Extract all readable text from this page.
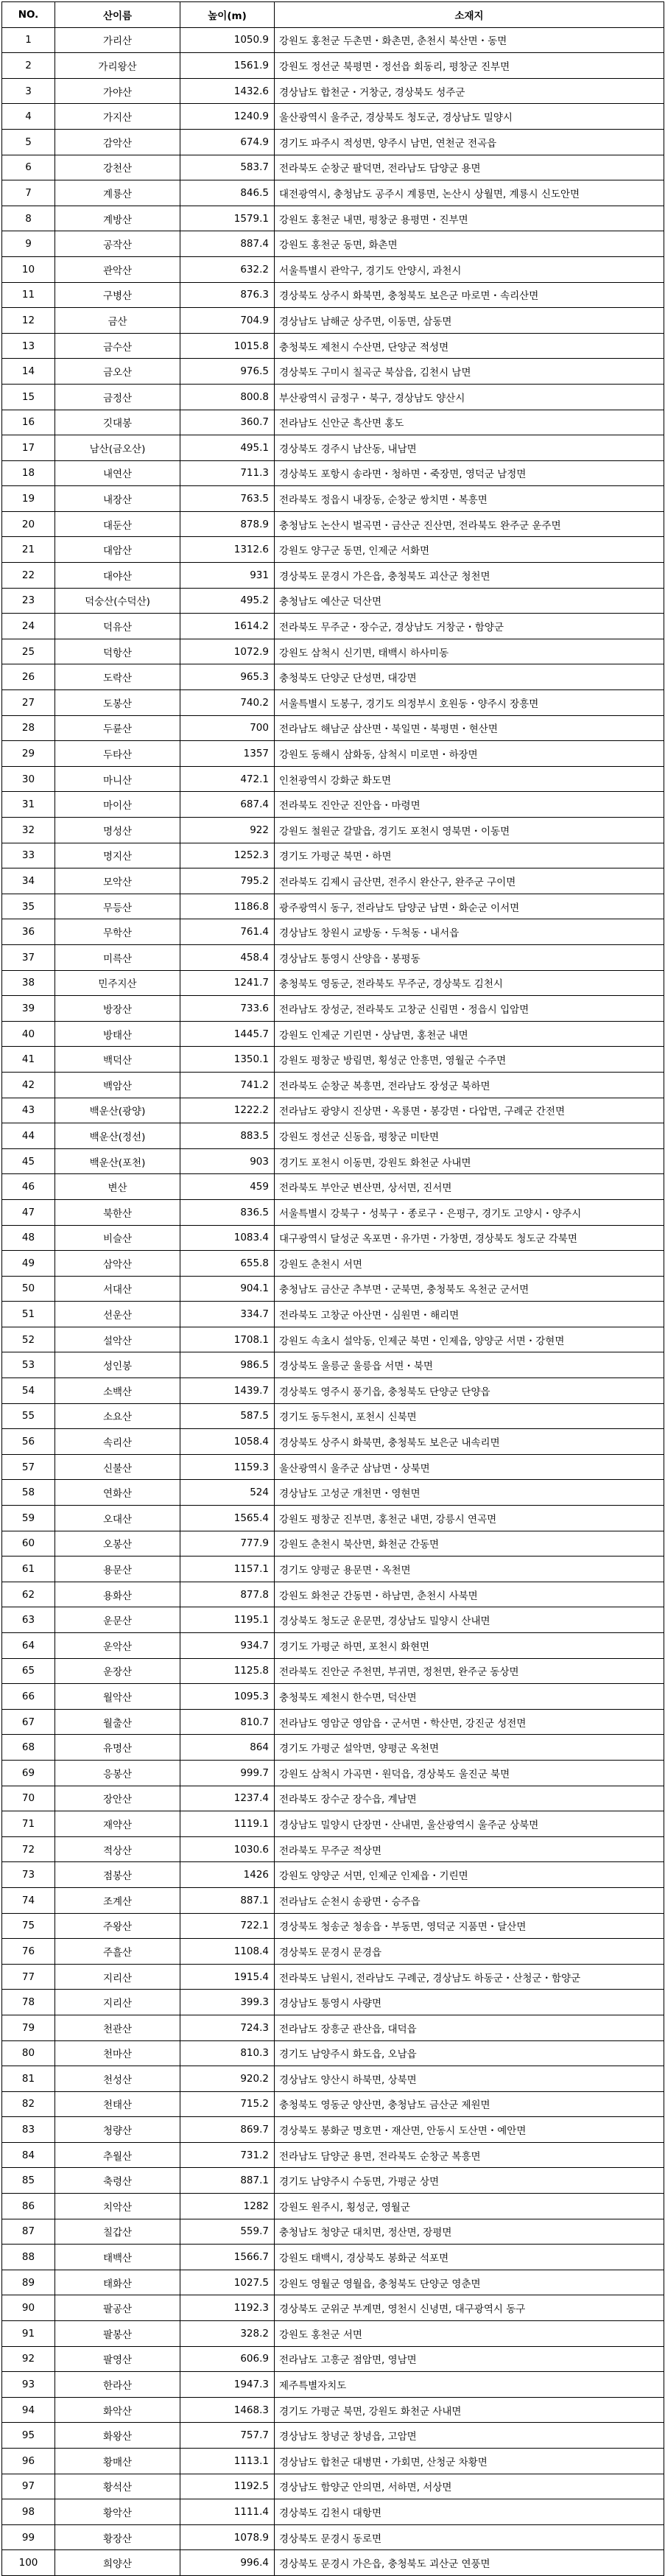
NO.	산이름	높이(m)	소재지
1	가리산	1050.9	강원도 홍천군 두촌면・화촌면, 춘천시 북산면・동면
2	가리왕산	1561.9	강원도 정선군 북평면・정선읍 회동리, 평창군 진부면
3	가야산	1432.6	경상남도 합천군・거창군, 경상북도 성주군
4	가지산	1240.9	울산광역시 울주군, 경상북도 청도군, 경상남도 밀양시
5	감악산	674.9	경기도 파주시 적성면, 양주시 남면, 연천군 전곡읍
6	강천산	583.7	전라북도 순창군 팔덕면, 전라남도 담양군 용면
7	계룡산	846.5	대전광역시, 충청남도 공주시 계룡면, 논산시 상월면, 계룡시 신도안면
8	계방산	1579.1	강원도 홍천군 내면, 평창군 용평면・진부면
9	공작산	887.4	강원도 홍천군 동면, 화촌면
10	관악산	632.2	서울특별시 관악구, 경기도 안양시, 과천시
11	구병산	876.3	경상북도 상주시 화북면, 충청북도 보은군 마로면・속리산면
12	금산	704.9	경상남도 남해군 상주면, 이동면, 삼동면
13	금수산	1015.8	충청북도 제천시 수산면, 단양군 적성면
14	금오산	976.5	경상북도 구미시 칠곡군 북삼읍, 김천시 남면
15	금정산	800.8	부산광역시 금정구・북구, 경상남도 양산시
16	깃대봉	360.7	전라남도 신안군 흑산면 홍도
17	남산(금오산)	495.1	경상북도 경주시 남산동, 내남면
18	내연산	711.3	경상북도 포항시 송라면・청하면・죽장면, 영덕군 남정면
19	내장산	763.5	전라북도 정읍시 내장동, 순창군 쌍치면・복흥면
20	대둔산	878.9	충청남도 논산시 벌곡면・금산군 진산면, 전라북도 완주군 운주면
21	대암산	1312.6	강원도 양구군 동면, 인제군 서화면
22	대야산	931	경상북도 문경시 가은읍, 충청북도 괴산군 청천면
23	덕숭산(수덕산)	495.2	충청남도 예산군 덕산면
24	덕유산	1614.2	전라북도 무주군・장수군, 경상남도 거창군・함양군
25	덕항산	1072.9	강원도 삼척시 신기면, 태백시 하사미동
26	도락산	965.3	충청북도 단양군 단성면, 대강면
27	도봉산	740.2	서울특별시 도봉구, 경기도 의정부시 호원동・양주시 장흥면
28	두륜산	700	전라남도 해남군 삼산면・북일면・북평면・현산면
29	두타산	1357	강원도 동해시 삼화동, 삼척시 미로면・하장면
30	마니산	472.1	인천광역시 강화군 화도면
31	마이산	687.4	전라북도 진안군 진안읍・마령면
32	명성산	922	강원도 철원군 갈말읍, 경기도 포천시 영북면・이동면
33	명지산	1252.3	경기도 가평군 북면・하면
34	모악산	795.2	전라북도 김제시 금산면, 전주시 완산구, 완주군 구이면
35	무등산	1186.8	광주광역시 동구, 전라남도 담양군 남면・화순군 이서면
36	무학산	761.4	경상남도 창원시 교방동・두척동・내서읍
37	미륵산	458.4	경상남도 통영시 산양읍・봉평동
38	민주지산	1241.7	충청북도 영동군, 전라북도 무주군, 경상북도 김천시
39	방장산	733.6	전라남도 장성군, 전라북도 고창군 신림면・정읍시 입암면
40	방태산	1445.7	강원도 인제군 기린면・상남면, 홍천군 내면
41	백덕산	1350.1	강원도 평창군 방림면, 횡성군 안흥면, 영월군 수주면
42	백암산	741.2	전라북도 순창군 복흥면, 전라남도 장성군 북하면
43	백운산(광양)	1222.2	전라남도 광양시 진상면・옥룡면・봉강면・다압면, 구례군 간전면
44	백운산(정선)	883.5	강원도 정선군 신동읍, 평창군 미탄면
45	백운산(포천)	903	경기도 포천시 이동면, 강원도 화천군 사내면
46	변산	459	전라북도 부안군 변산면, 상서면, 진서면
47	북한산	836.5	서울특별시 강북구・성북구・종로구・은평구, 경기도 고양시・양주시
48	비슬산	1083.4	대구광역시 달성군 옥포면・유가면・가창면, 경상북도 청도군 각북면
49	삼악산	655.8	강원도 춘천시 서면
50	서대산	904.1	충청남도 금산군 추부면・군북면, 충청북도 옥천군 군서면
51	선운산	334.7	전라북도 고창군 아산면・심원면・해리면
52	설악산	1708.1	강원도 속초시 설악동, 인제군 북면・인제읍, 양양군 서면・강현면
53	성인봉	986.5	경상북도 울릉군 울릉읍 서면・북면
54	소백산	1439.7	경상북도 영주시 풍기읍, 충청북도 단양군 단양읍
55	소요산	587.5	경기도 동두천시, 포천시 신북면
56	속리산	1058.4	경상북도 상주시 화북면, 충청북도 보은군 내속리면
57	신불산	1159.3	울산광역시 울주군 삼남면・상북면
58	연화산	524	경상남도 고성군 개천면・영현면
59	오대산	1565.4	강원도 평창군 진부면, 홍천군 내면, 강릉시 연곡면
60	오봉산	777.9	강원도 춘천시 북산면, 화천군 간동면
61	용문산	1157.1	경기도 양평군 용문면・옥천면
62	용화산	877.8	강원도 화천군 간동면・하남면, 춘천시 사북면
63	운문산	1195.1	경상북도 청도군 운문면, 경상남도 밀양시 산내면
64	운악산	934.7	경기도 가평군 하면, 포천시 화현면
65	운장산	1125.8	전라북도 진안군 주천면, 부귀면, 정천면, 완주군 동상면
66	월악산	1095.3	충청북도 제천시 한수면, 덕산면
67	월출산	810.7	전라남도 영암군 영암읍・군서면・학산면, 강진군 성전면
68	유명산	864	경기도 가평군 설악면, 양평군 옥천면
69	응봉산	999.7	강원도 삼척시 가곡면・원덕읍, 경상북도 울진군 북면
70	장안산	1237.4	전라북도 장수군 장수읍, 계남면
71	재약산	1119.1	경상남도 밀양시 단장면・산내면, 울산광역시 울주군 상북면
72	적상산	1030.6	전라북도 무주군 적상면
73	점봉산	1426	강원도 양양군 서면, 인제군 인제읍・기린면
74	조계산	887.1	전라남도 순천시 송광면・승주읍
75	주왕산	722.1	경상북도 청송군 청송읍・부동면, 영덕군 지품면・달산면
76	주흘산	1108.4	경상북도 문경시 문경읍
77	지리산	1915.4	전라북도 남원시, 전라남도 구례군, 경상남도 하동군・산청군・함양군
78	지리산	399.3	경상남도 통영시 사량면
79	천관산	724.3	전라남도 장흥군 관산읍, 대덕읍
80	천마산	810.3	경기도 남양주시 화도읍, 오남읍
81	천성산	920.2	경상남도 양산시 하북면, 상북면
82	천태산	715.2	충청북도 영동군 양산면, 충청남도 금산군 제원면
83	청량산	869.7	경상북도 봉화군 명호면・재산면, 안동시 도산면・예안면
84	추월산	731.2	전라남도 담양군 용면, 전라북도 순창군 복흥면
85	축령산	887.1	경기도 남양주시 수동면, 가평군 상면
86	치악산	1282	강원도 원주시, 횡성군, 영월군
87	칠갑산	559.7	충청남도 청양군 대치면, 정산면, 장평면
88	태백산	1566.7	강원도 태백시, 경상북도 봉화군 석포면
89	태화산	1027.5	강원도 영월군 영월읍, 충청북도 단양군 영춘면
90	팔공산	1192.3	경상북도 군위군 부계면, 영천시 신녕면, 대구광역시 동구
91	팔봉산	328.2	강원도 홍천군 서면
92	팔영산	606.9	전라남도 고흥군 점암면, 영남면
93	한라산	1947.3	제주특별자치도
94	화악산	1468.3	경기도 가평군 북면, 강원도 화천군 사내면
95	화왕산	757.7	경상남도 창녕군 창녕읍, 고암면
96	황매산	1113.1	경상남도 합천군 대병면・가회면, 산청군 차황면
97	황석산	1192.5	경상남도 함양군 안의면, 서하면, 서상면
98	황악산	1111.4	경상북도 김천시 대항면
99	황장산	1078.9	경상북도 문경시 동로면
100	희양산	996.4	경상북도 문경시 가은읍, 충청북도 괴산군 연풍면
